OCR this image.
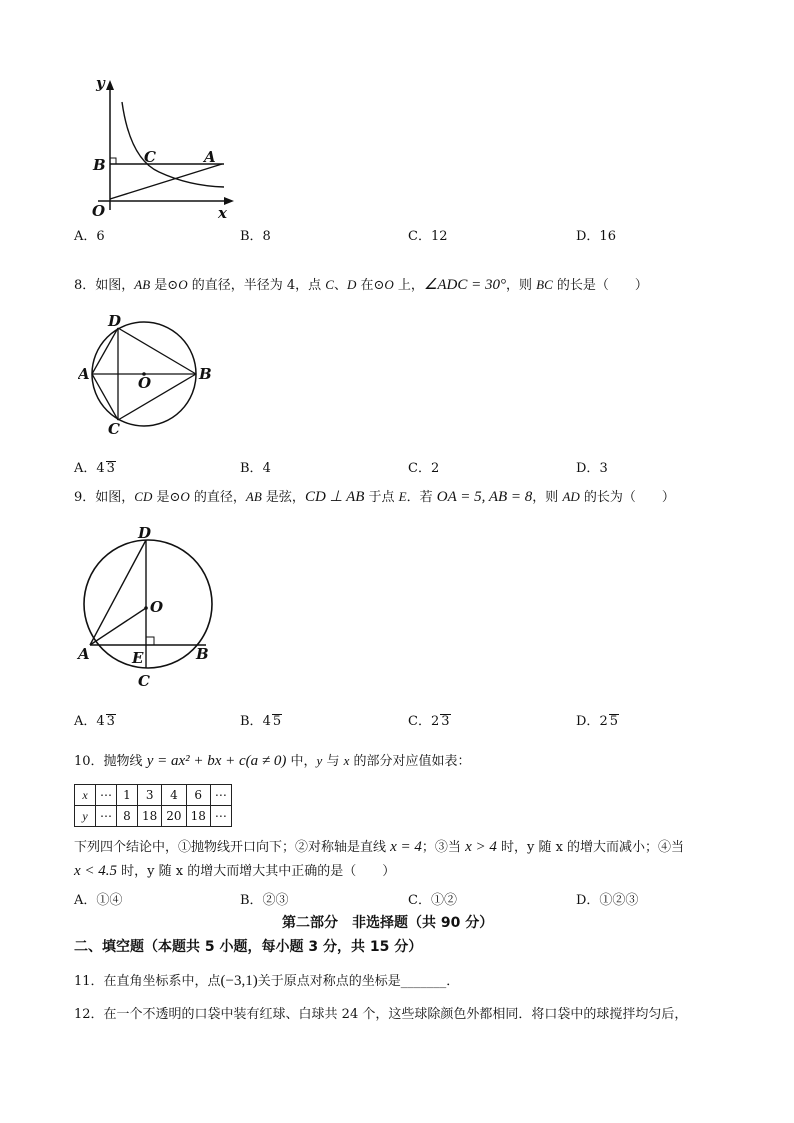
y
x
O
B	C	A
A．6	B．8	C．12	D．16
8．如图，AB 是⊙O 的直径，半径为 4，点 C、D 在⊙O 上，∠ADC = 30°，则 BC 的长是（　　）
D
A	O	B
C
A．4 3	B．4	C．2	D．3
9．如图，CD 是⊙O 的直径，AB 是弦，CD ⊥ AB 于点 E．若 OA = 5, AB = 8，则 AD 的长为（　　）
D
O
A	E	B
C
A．4 3	B．4 5	C．2 3	D．2 5
10．抛物线 y = ax² + bx + c(a ≠ 0) 中，y 与 x 的部分对应值如表：
x	⋯	1	3	4	6	⋯
y	⋯	8	18	20	18	⋯
下列四个结论中，①抛物线开口向下；②对称轴是直线 x = 4；③当 x > 4 时，y 随 x 的增大而减小；④当
x < 4.5 时，y 随 x 的增大而增大其中正确的是（　　）
A．①④	B．②③	C．①②	D．①②③
第二部分　非选择题（共 90 分）
二、填空题（本题共 5 小题，每小题 3 分，共 15 分）
11．在直角坐标系中，点(−3,1)关于原点对称点的坐标是_______．
12．在一个不透明的口袋中装有红球、白球共 24 个，这些球除颜色外都相同．将口袋中的球搅拌均匀后，
